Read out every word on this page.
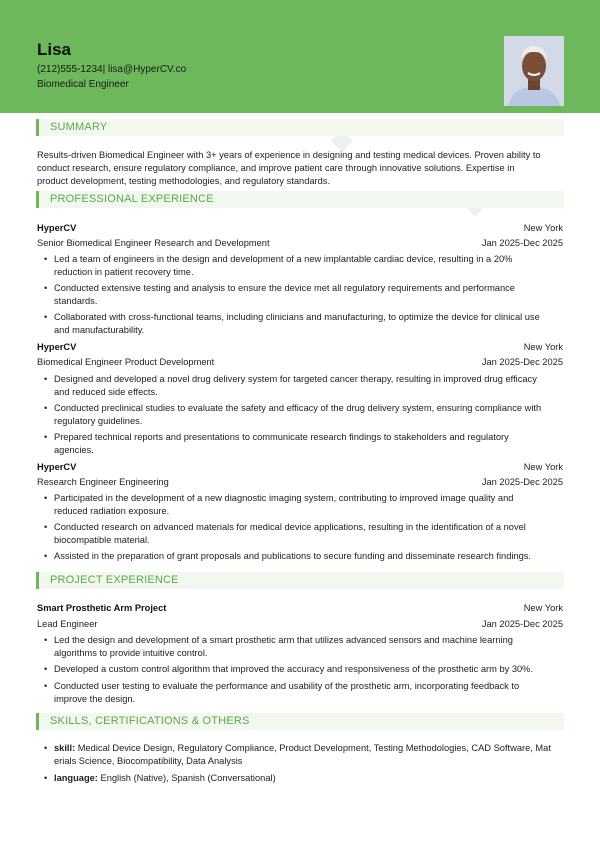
Lisa
(212)555-1234| lisa@HyperCV.co
Biomedical Engineer
SUMMARY
Results-driven Biomedical Engineer with 3+ years of experience in designing and testing medical devices. Proven ability to
conduct research, ensure regulatory compliance, and improve patient care through innovative solutions. Expertise in
product development, testing methodologies, and regulatory standards.
PROFESSIONAL EXPERIENCE
HyperCV	New York
Senior Biomedical Engineer Research and Development	Jan 2025-Dec 2025
• Led a team of engineers in the design and development of a new implantable cardiac device, resulting in a 20%
reduction in patient recovery time.
• Conducted extensive testing and analysis to ensure the device met all regulatory requirements and performance
standards.
• Collaborated with cross-functional teams, including clinicians and manufacturing, to optimize the device for clinical use
and manufacturability.
HyperCV	New York
Biomedical Engineer Product Development	Jan 2025-Dec 2025
• Designed and developed a novel drug delivery system for targeted cancer therapy, resulting in improved drug efficacy
and reduced side effects.
• Conducted preclinical studies to evaluate the safety and efficacy of the drug delivery system, ensuring compliance with
regulatory guidelines.
• Prepared technical reports and presentations to communicate research findings to stakeholders and regulatory
agencies.
HyperCV	New York
Research Engineer Engineering	Jan 2025-Dec 2025
• Participated in the development of a new diagnostic imaging system, contributing to improved image quality and
reduced radiation exposure.
• Conducted research on advanced materials for medical device applications, resulting in the identification of a novel
biocompatible material.
• Assisted in the preparation of grant proposals and publications to secure funding and disseminate research findings.
PROJECT EXPERIENCE
Smart Prosthetic Arm Project	New York
Lead Engineer	Jan 2025-Dec 2025
• Led the design and development of a smart prosthetic arm that utilizes advanced sensors and machine learning
algorithms to provide intuitive control.
• Developed a custom control algorithm that improved the accuracy and responsiveness of the prosthetic arm by 30%.
• Conducted user testing to evaluate the performance and usability of the prosthetic arm, incorporating feedback to
improve the design.
SKILLS, CERTIFICATIONS & OTHERS
• skill: Medical Device Design, Regulatory Compliance, Product Development, Testing Methodologies, CAD Software, Mat
erials Science, Biocompatibility, Data Analysis
• language: English (Native), Spanish (Conversational)
